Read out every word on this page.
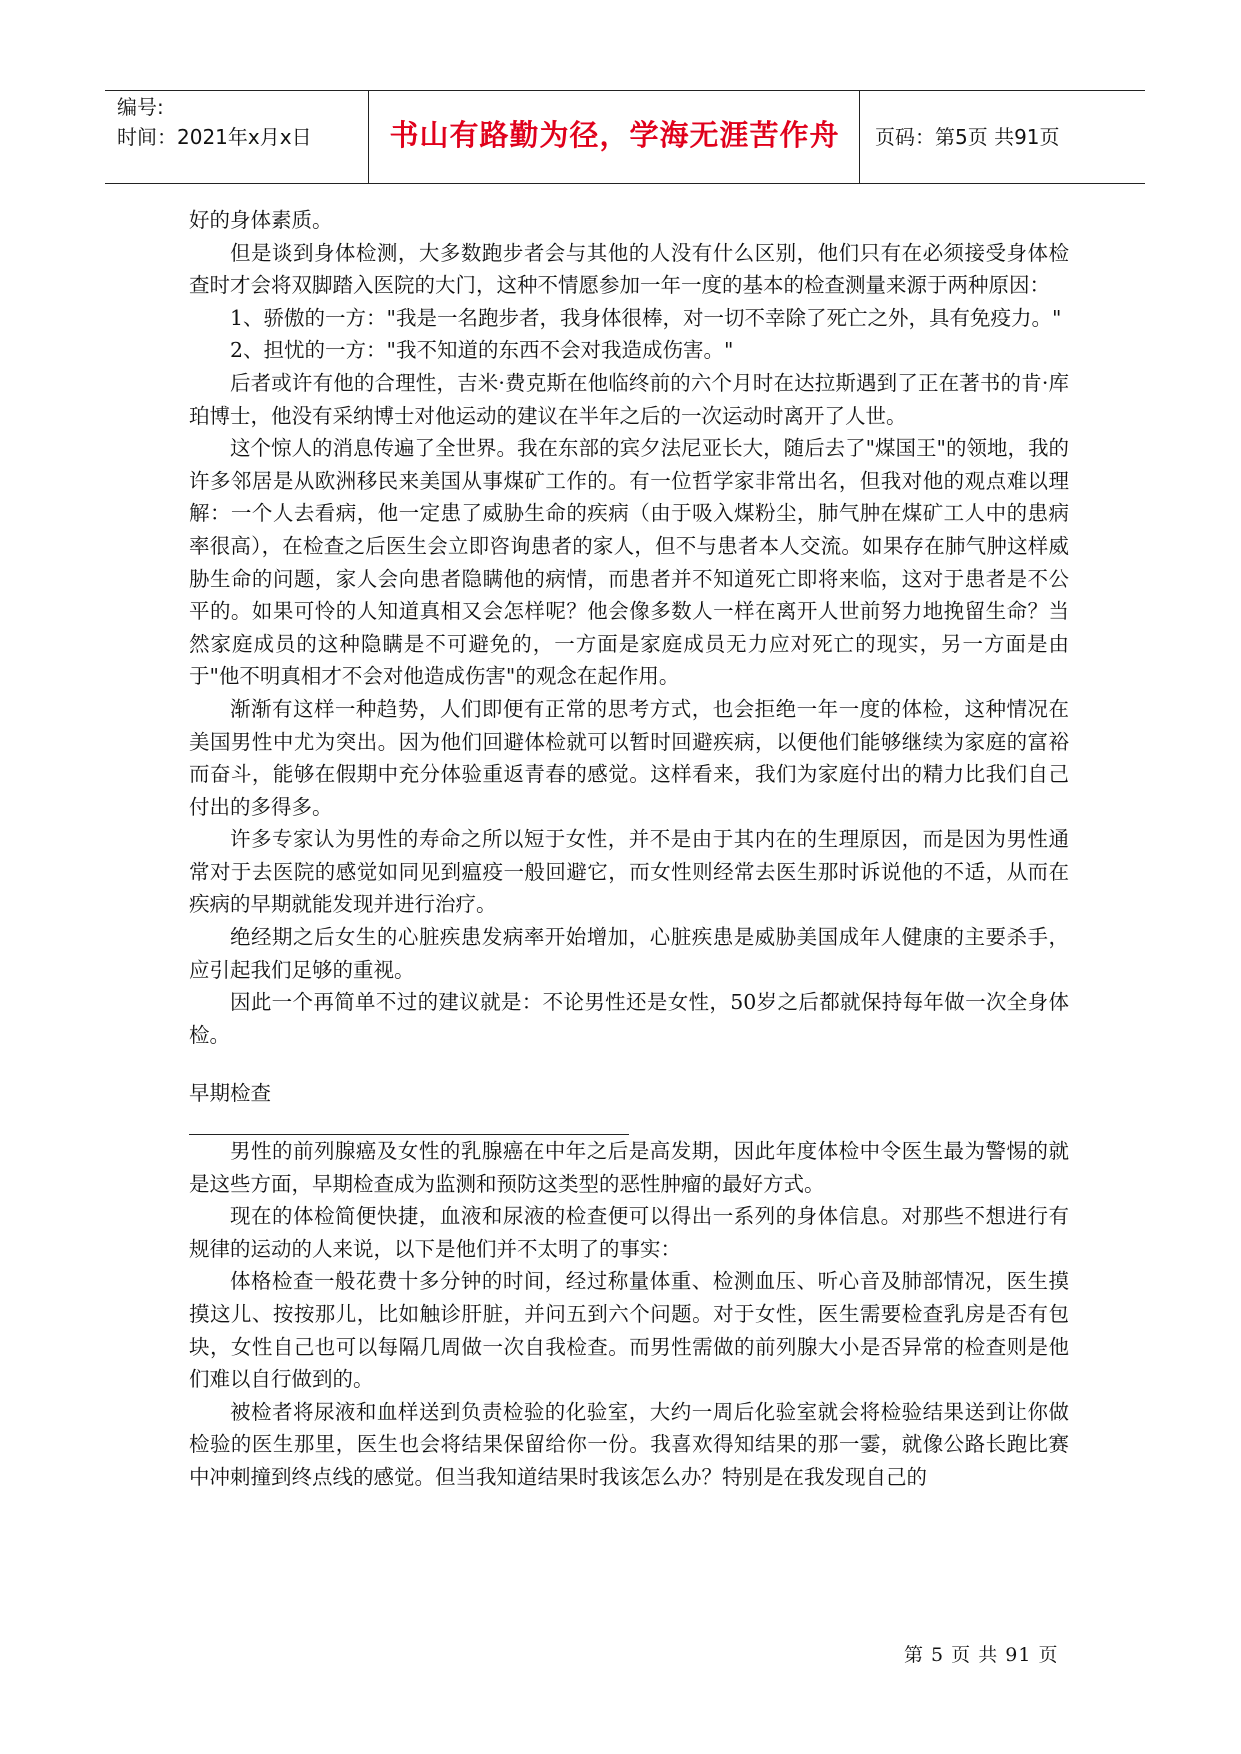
编号:
时间：2021年x月x日	书山有路勤为径，学海无涯苦作舟	页码：第5页 共91页

好的身体素质。

但是谈到身体检测，大多数跑步者会与其他的人没有什么区别，他们只有在必须接受身体检查时才会将双脚踏入医院的大门，这种不情愿参加一年一度的基本的检查测量来源于两种原因：

1、骄傲的一方："我是一名跑步者，我身体很棒，对一切不幸除了死亡之外，具有免疫力。"

2、担忧的一方："我不知道的东西不会对我造成伤害。"

后者或许有他的合理性，吉米·费克斯在他临终前的六个月时在达拉斯遇到了正在著书的肯·库珀博士，他没有采纳博士对他运动的建议在半年之后的一次运动时离开了人世。

这个惊人的消息传遍了全世界。我在东部的宾夕法尼亚长大，随后去了"煤国王"的领地，我的许多邻居是从欧洲移民来美国从事煤矿工作的。有一位哲学家非常出名，但我对他的观点难以理解：一个人去看病，他一定患了威胁生命的疾病（由于吸入煤粉尘，肺气肿在煤矿工人中的患病率很高），在检查之后医生会立即咨询患者的家人，但不与患者本人交流。如果存在肺气肿这样威胁生命的问题，家人会向患者隐瞒他的病情，而患者并不知道死亡即将来临，这对于患者是不公平的。如果可怜的人知道真相又会怎样呢？他会像多数人一样在离开人世前努力地挽留生命？当然家庭成员的这种隐瞒是不可避免的，一方面是家庭成员无力应对死亡的现实，另一方面是由于"他不明真相才不会对他造成伤害"的观念在起作用。

渐渐有这样一种趋势，人们即便有正常的思考方式，也会拒绝一年一度的体检，这种情况在美国男性中尤为突出。因为他们回避体检就可以暂时回避疾病，以便他们能够继续为家庭的富裕而奋斗，能够在假期中充分体验重返青春的感觉。这样看来，我们为家庭付出的精力比我们自己付出的多得多。

许多专家认为男性的寿命之所以短于女性，并不是由于其内在的生理原因，而是因为男性通常对于去医院的感觉如同见到瘟疫一般回避它，而女性则经常去医生那时诉说他的不适，从而在疾病的早期就能发现并进行治疗。

绝经期之后女生的心脏疾患发病率开始增加，心脏疾患是威胁美国成年人健康的主要杀手，应引起我们足够的重视。

因此一个再简单不过的建议就是：不论男性还是女性，50岁之后都就保持每年做一次全身体检。

早期检查

男性的前列腺癌及女性的乳腺癌在中年之后是高发期，因此年度体检中令医生最为警惕的就是这些方面，早期检查成为监测和预防这类型的恶性肿瘤的最好方式。

现在的体检简便快捷，血液和尿液的检查便可以得出一系列的身体信息。对那些不想进行有规律的运动的人来说，以下是他们并不太明了的事实：

体格检查一般花费十多分钟的时间，经过称量体重、检测血压、听心音及肺部情况，医生摸摸这儿、按按那儿，比如触诊肝脏，并问五到六个问题。对于女性，医生需要检查乳房是否有包块，女性自己也可以每隔几周做一次自我检查。而男性需做的前列腺大小是否异常的检查则是他们难以自行做到的。

被检者将尿液和血样送到负责检验的化验室，大约一周后化验室就会将检验结果送到让你做检验的医生那里，医生也会将结果保留给你一份。我喜欢得知结果的那一霎，就像公路长跑比赛中冲刺撞到终点线的感觉。但当我知道结果时我该怎么办？特别是在我发现自己的

第 5 页 共 91 页
